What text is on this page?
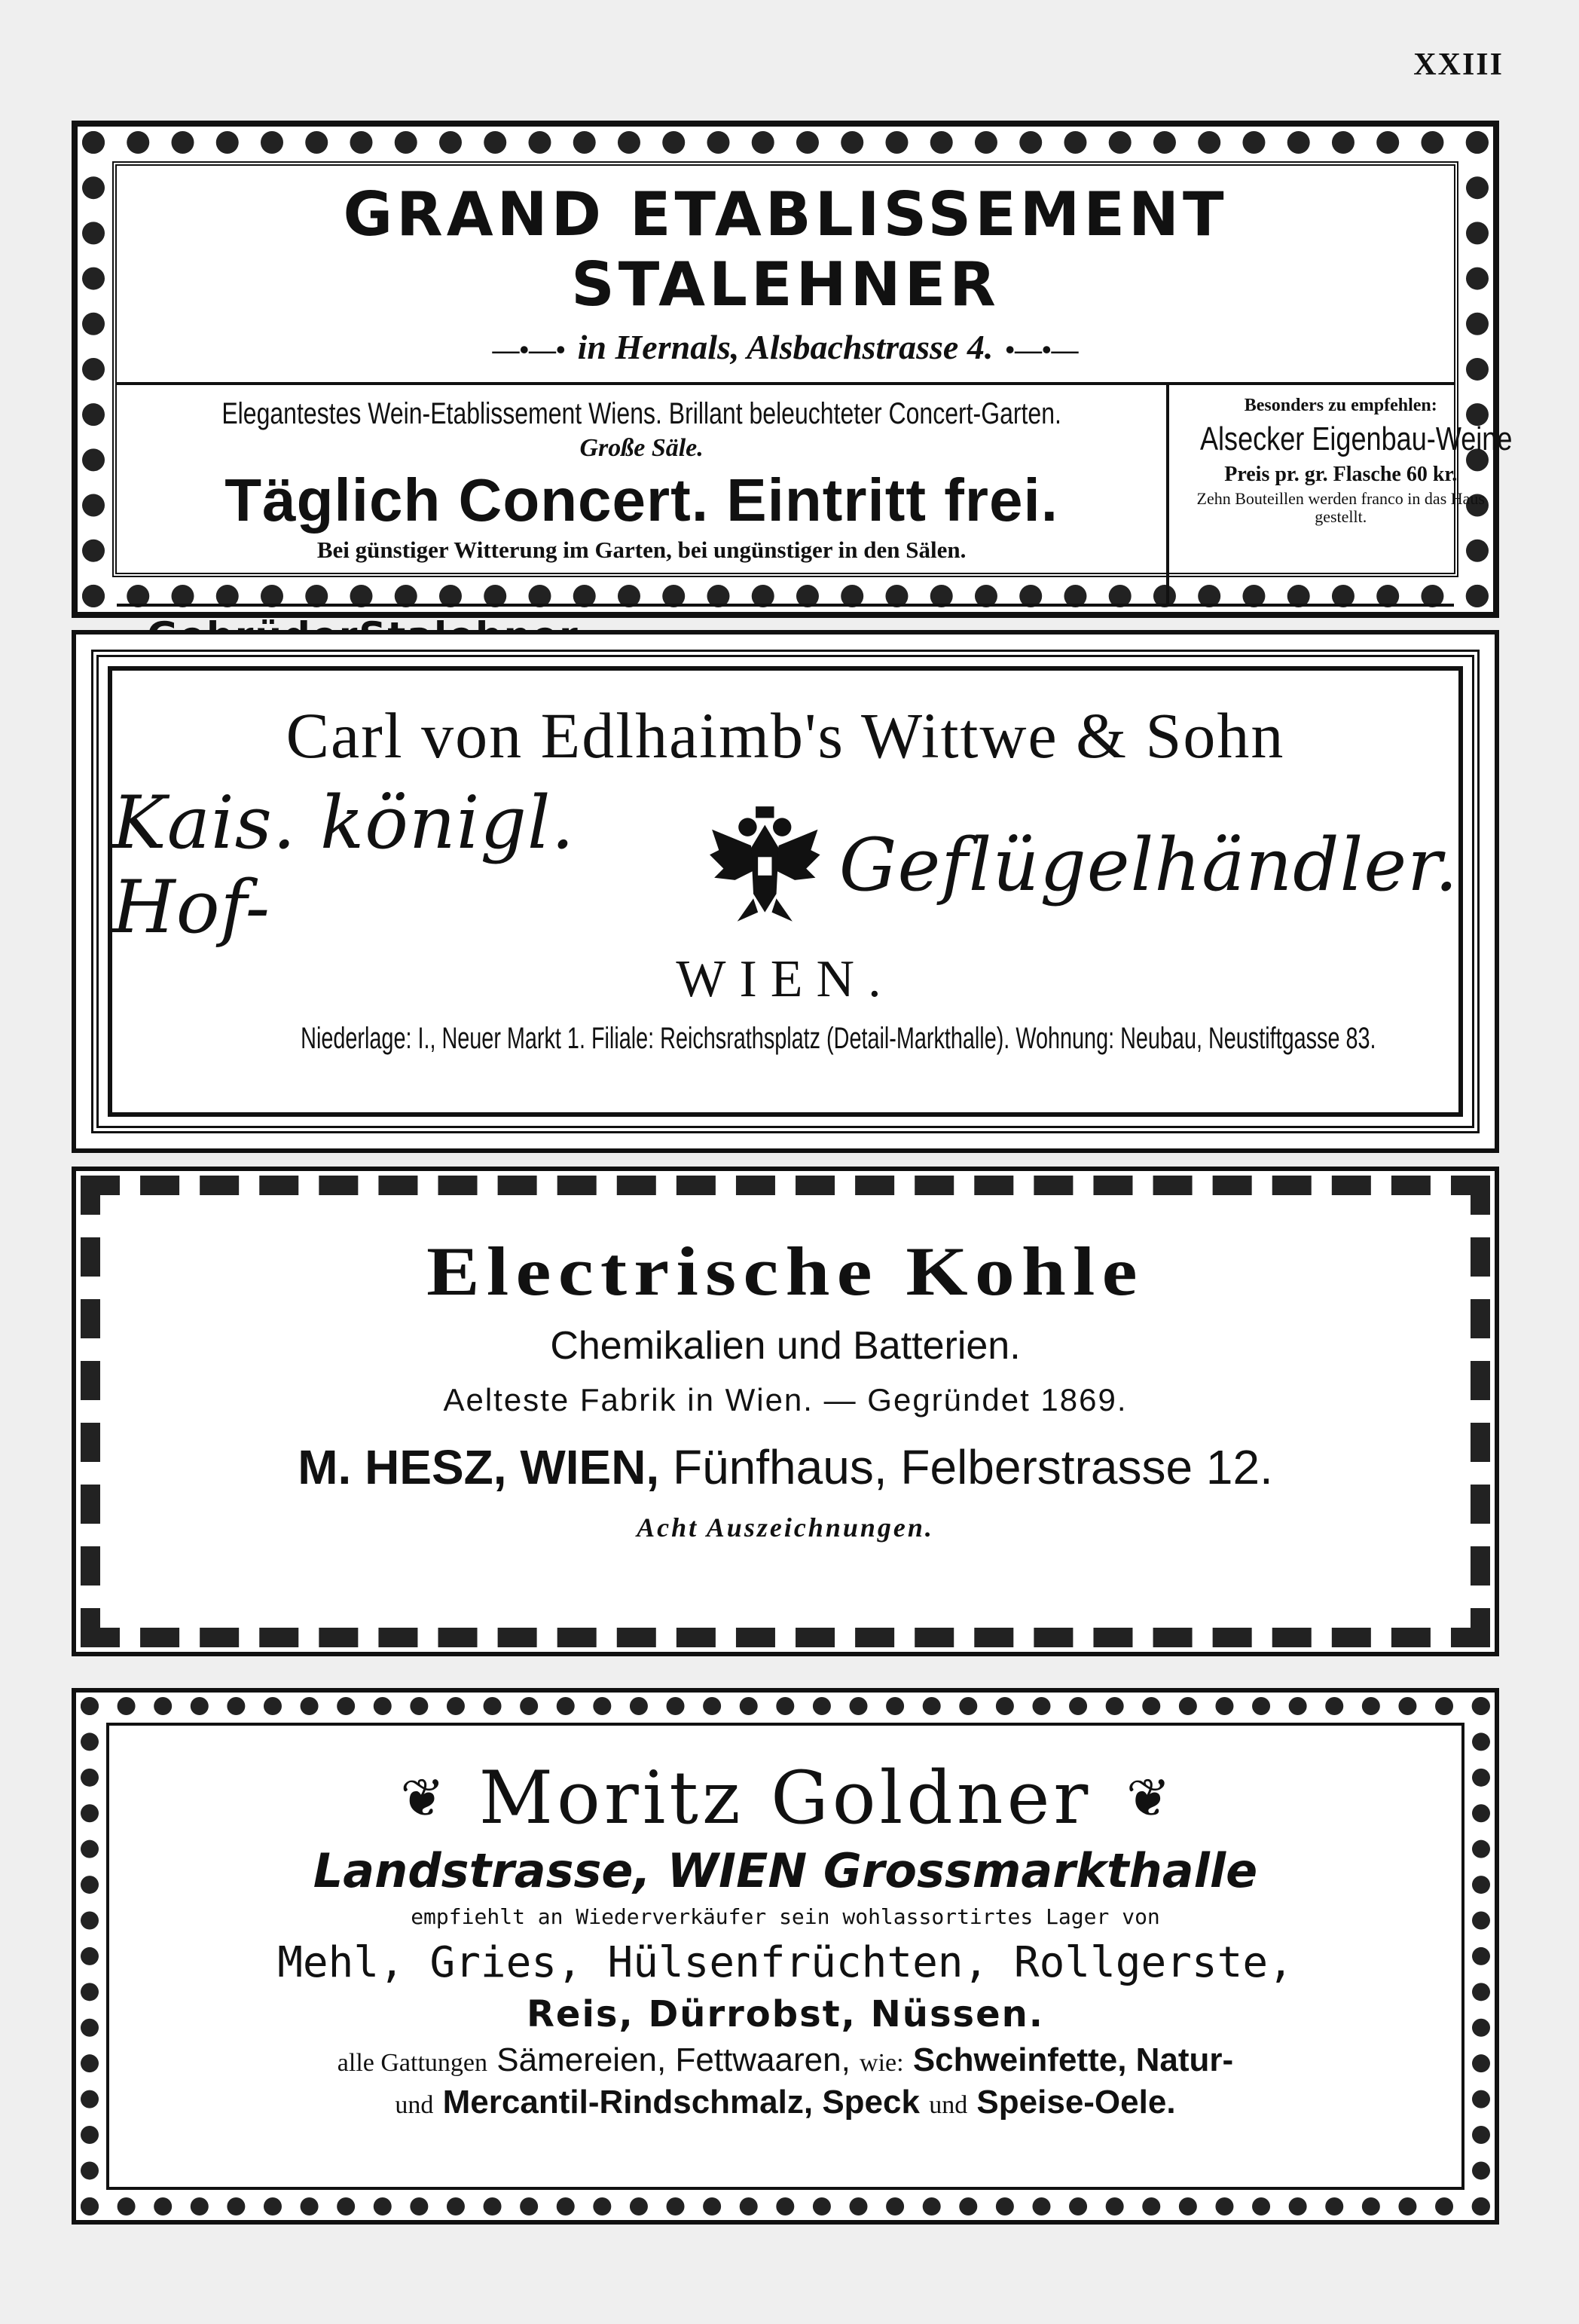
XXIII
GRAND ETABLISSEMENT STALEHNER
—•—• in Hernals, Alsbachstrasse 4. •—•—
Elegantestes Wein-Etablissement Wiens. Brillant beleuchteter Concert-Garten.
Große Säle.
Täglich Concert. Eintritt frei.
Bei günstiger Witterung im Garten, bei ungünstiger in den Sälen.
Besonders zu empfehlen:
Alsecker Eigenbau-Weine
Preis pr. gr. Flasche 60 kr.
Zehn Bouteillen werden franco in das Haus gestellt.
Carl von Edlhaimb's Wittwe & Sohn
Kais. königl. Hof-	Geflügelhändler.
WIEN.
Niederlage: I., Neuer Markt 1. Filiale: Reichsrathsplatz (Detail-Markthalle). Wohnung: Neubau, Neustiftgasse 83.
Electrische Kohle
Chemikalien und Batterien.
Aelteste Fabrik in Wien. — Gegründet 1869.
M. HESZ, WIEN, Fünfhaus, Felberstrasse 12.
Acht Auszeichnungen.
❦ Moritz Goldner ❦
Landstrasse, WIEN Grossmarkthalle
empfiehlt an Wiederverkäufer sein wohlassortirtes Lager von
Mehl, Gries, Hülsenfrüchten, Rollgerste,
Reis, Dürrobst, Nüssen.
alle Gattungen Sämereien, Fettwaaren, wie: Schweinfette, Natur-
und Mercantil-Rindschmalz, Speck und Speise-Oele.
